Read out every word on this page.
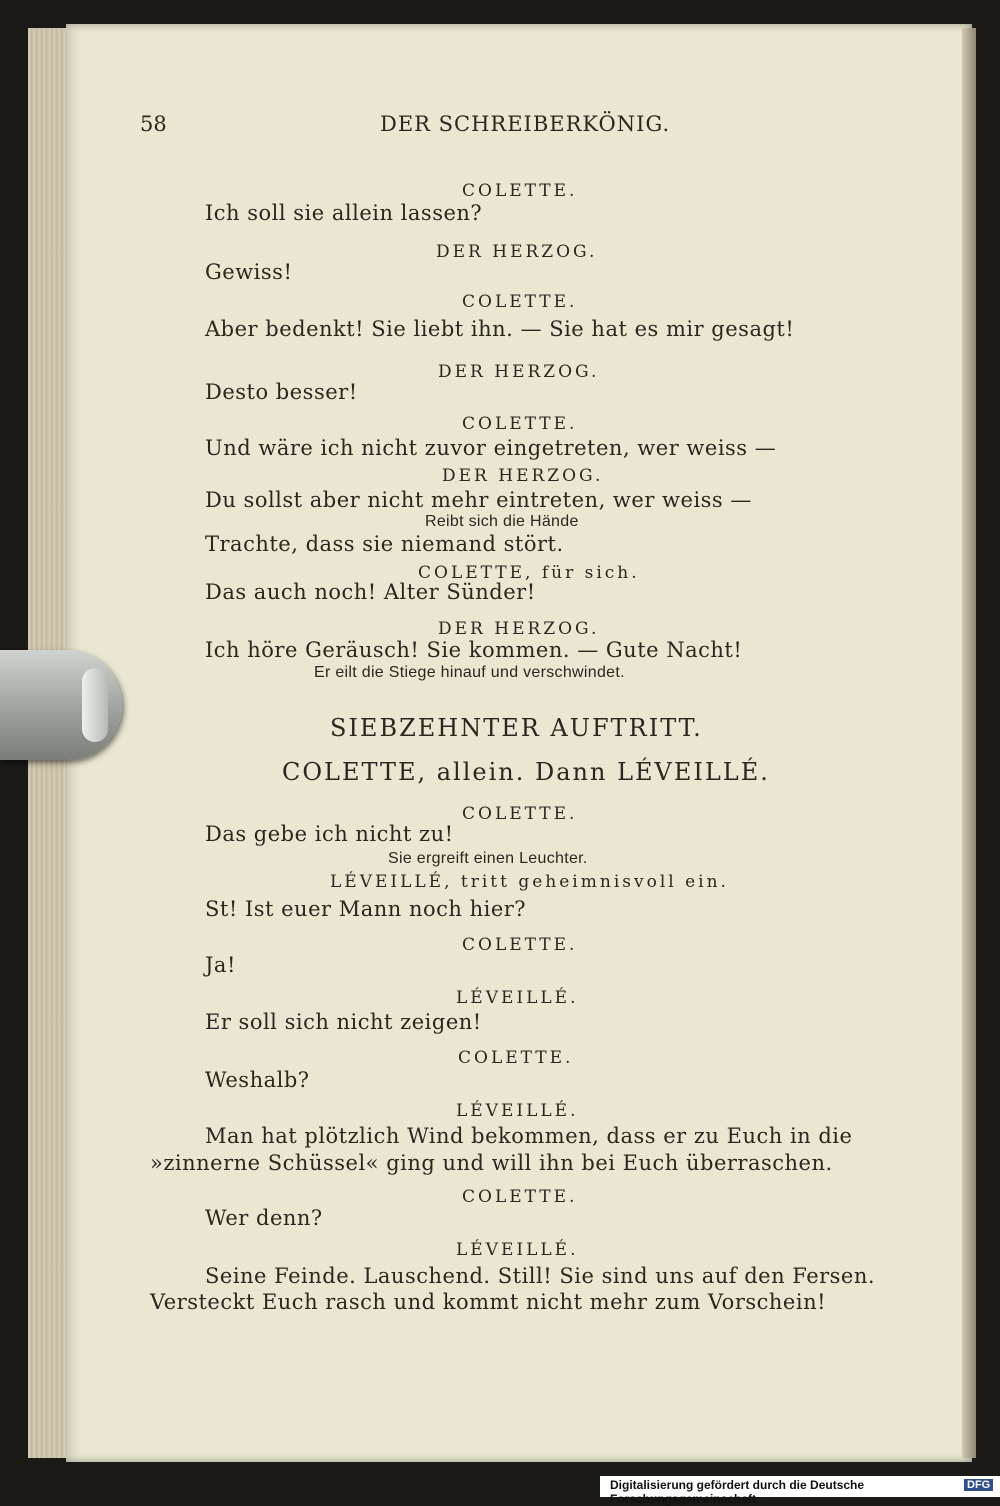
58	DER SCHREIBERKÖNIG.
COLETTE.
Ich soll sie allein lassen?
DER HERZOG.
Gewiss!
COLETTE.
Aber bedenkt! Sie liebt ihn. — Sie hat es mir gesagt!
DER HERZOG.
Desto besser!
COLETTE.
Und wäre ich nicht zuvor eingetreten, wer weiss —
DER HERZOG.
Du sollst aber nicht mehr eintreten, wer weiss —
Reibt sich die Hände
Trachte, dass sie niemand stört.
COLETTE, für sich.
Das auch noch! Alter Sünder!
DER HERZOG.
Ich höre Geräusch! Sie kommen. — Gute Nacht!
Er eilt die Stiege hinauf und verschwindet.
SIEBZEHNTER AUFTRITT.
COLETTE, allein. Dann LÉVEILLÉ.
COLETTE.
Das gebe ich nicht zu!
Sie ergreift einen Leuchter.
LÉVEILLÉ, tritt geheimnisvoll ein.
St! Ist euer Mann noch hier?
COLETTE.
Ja!
LÉVEILLÉ.
Er soll sich nicht zeigen!
COLETTE.
Weshalb?
LÉVEILLÉ.
Man hat plötzlich Wind bekommen, dass er zu Euch in die
»zinnerne Schüssel« ging und will ihn bei Euch überraschen.
COLETTE.
Wer denn?
LÉVEILLÉ.
Seine Feinde. Lauschend. Still! Sie sind uns auf den Fersen.
Versteckt Euch rasch und kommt nicht mehr zum Vorschein!
Digitalisierung gefördert durch die Deutsche Forschungsgemeinschaft
DFG
